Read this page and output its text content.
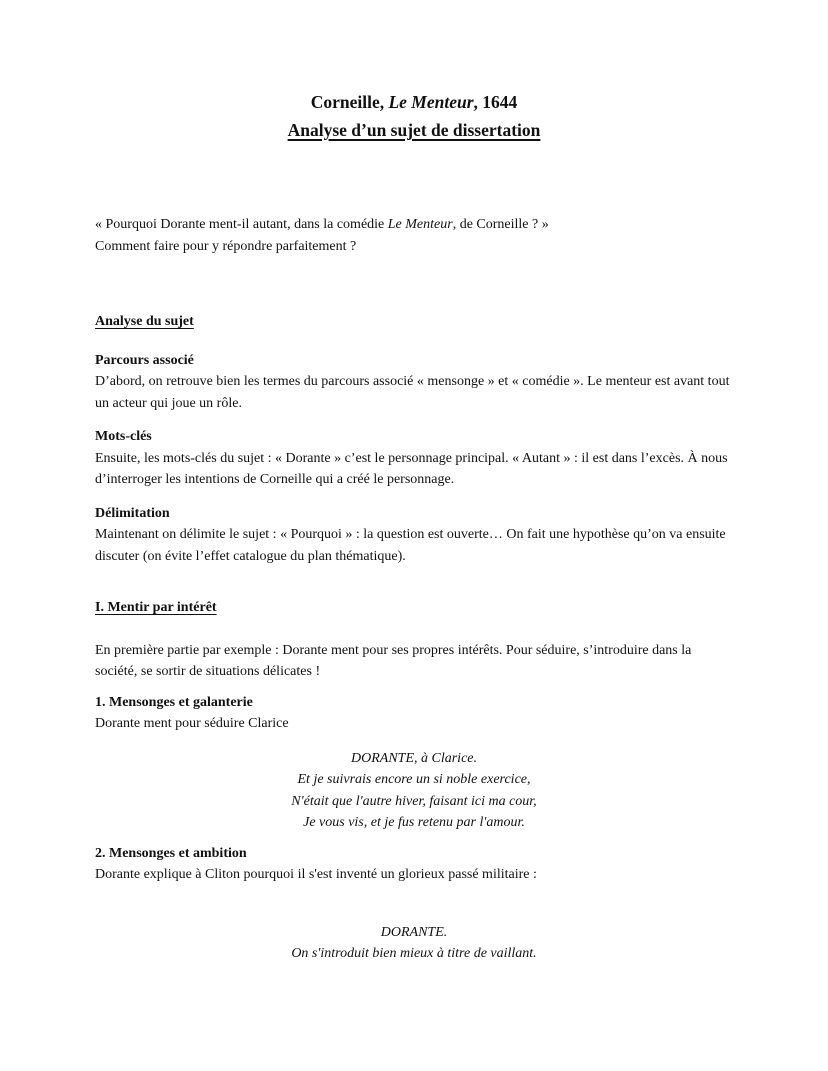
Corneille, Le Menteur, 1644
Analyse d’un sujet de dissertation
« Pourquoi Dorante ment-il autant, dans la comédie Le Menteur, de Corneille ? »
Comment faire pour y répondre parfaitement ?
Analyse du sujet
Parcours associé
D’abord, on retrouve bien les termes du parcours associé « mensonge » et « comédie ». Le menteur est avant tout un acteur qui joue un rôle.
Mots-clés
Ensuite, les mots-clés du sujet : « Dorante » c’est le personnage principal. « Autant » : il est dans l’excès. À nous d’interroger les intentions de Corneille qui a créé le personnage.
Délimitation
Maintenant on délimite le sujet : « Pourquoi » : la question est ouverte… On fait une hypothèse qu’on va ensuite discuter (on évite l’effet catalogue du plan thématique).
I. Mentir par intérêt
En première partie par exemple : Dorante ment pour ses propres intérêts. Pour séduire, s’introduire dans la société, se sortir de situations délicates !
1. Mensonges et galanterie
Dorante ment pour séduire Clarice
DORANTE, à Clarice.
Et je suivrais encore un si noble exercice,
N'était que l'autre hiver, faisant ici ma cour,
Je vous vis, et je fus retenu par l'amour.
2. Mensonges et ambition
Dorante explique à Cliton pourquoi il s'est inventé un glorieux passé militaire :
DORANTE.
On s'introduit bien mieux à titre de vaillant.
